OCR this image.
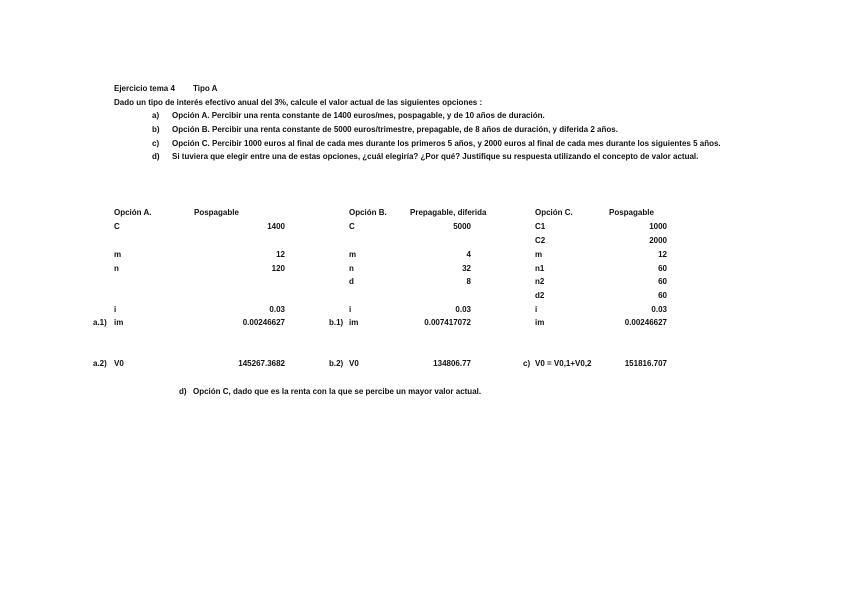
Ejercicio tema 4 Tipo A
Dado un tipo de interés efectivo anual del 3%, calcule el valor actual de las siguientes opciones :
a) Opción A. Percibir una renta constante de 1400 euros/mes, pospagable, y de 10 años de duración.
b) Opción B. Percibir una renta constante de 5000 euros/trimestre, prepagable, de 8 años de duración, y diferida 2 años.
c) Opción C. Percibir 1000 euros al final de cada mes durante los primeros 5 años, y 2000 euros al final de cada mes durante los siguientes 5 años.
d) Si tuviera que elegir entre una de estas opciones, ¿cuál elegiría? ¿Por qué? Justifique su respuesta utilizando el concepto de valor actual.
Opción A.	Pospagable
C	1400
m	12
n	120
i	0.03
a.1) im	0.00246627
a.2) V0	145267.3682
Opción B.	Prepagable, diferida
C	5000
m	4
n	32
d	8
i	0.03
b.1) im	0.007417072
b.2) V0	134806.77
Opción C.	Pospagable
C1	1000
C2	2000
m	12
n1	60
n2	60
d2	60
i	0.03
im	0.00246627
c) V0 = V0,1+V0,2	151816.707
d) Opción C, dado que es la renta con la que se percibe un mayor valor actual.
